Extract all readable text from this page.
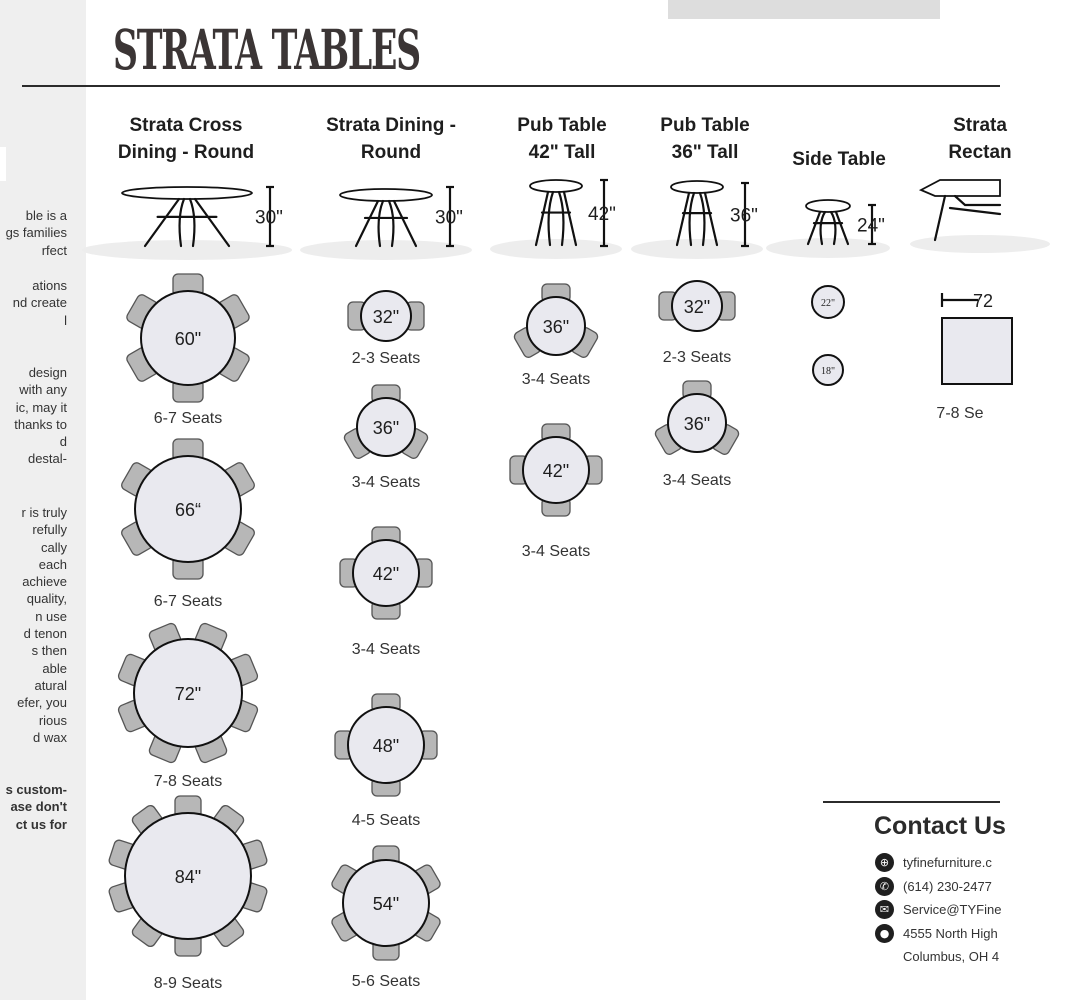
ble is a
gs families
rfect
ations
nd create
l
design
with any
ic, may it
thanks to
d
destal-
r is truly
refully
cally
each
achieve
quality,
n use
d tenon
s then
able
atural
efer, you
rious
d wax
s custom-
ase don't
ct us for
STRATA TABLES
Strata Cross
Dining - Round
Strata Dining -
Round
Pub Table
42" Tall
Pub Table
36" Tall	Side Table
Strata
Rectan
30"	30"	42"	36"	24"
60"
6-7 Seats
66“
6-7 Seats
72"
7-8 Seats
84"
8-9 Seats
32"
2-3 Seats
36"
3-4 Seats
42"
3-4 Seats
48"
4-5 Seats
54"
5-6 Seats
36"
3-4 Seats
42"
3-4 Seats
32"
2-3 Seats
36"
3-4 Seats
22"
18"
72
7-8 Se
Contact Us
⊕	tyfinefurniture.c
✆	(614) 230-2477
✉	Service@TYFine
●	4555 North High
Columbus, OH 4
